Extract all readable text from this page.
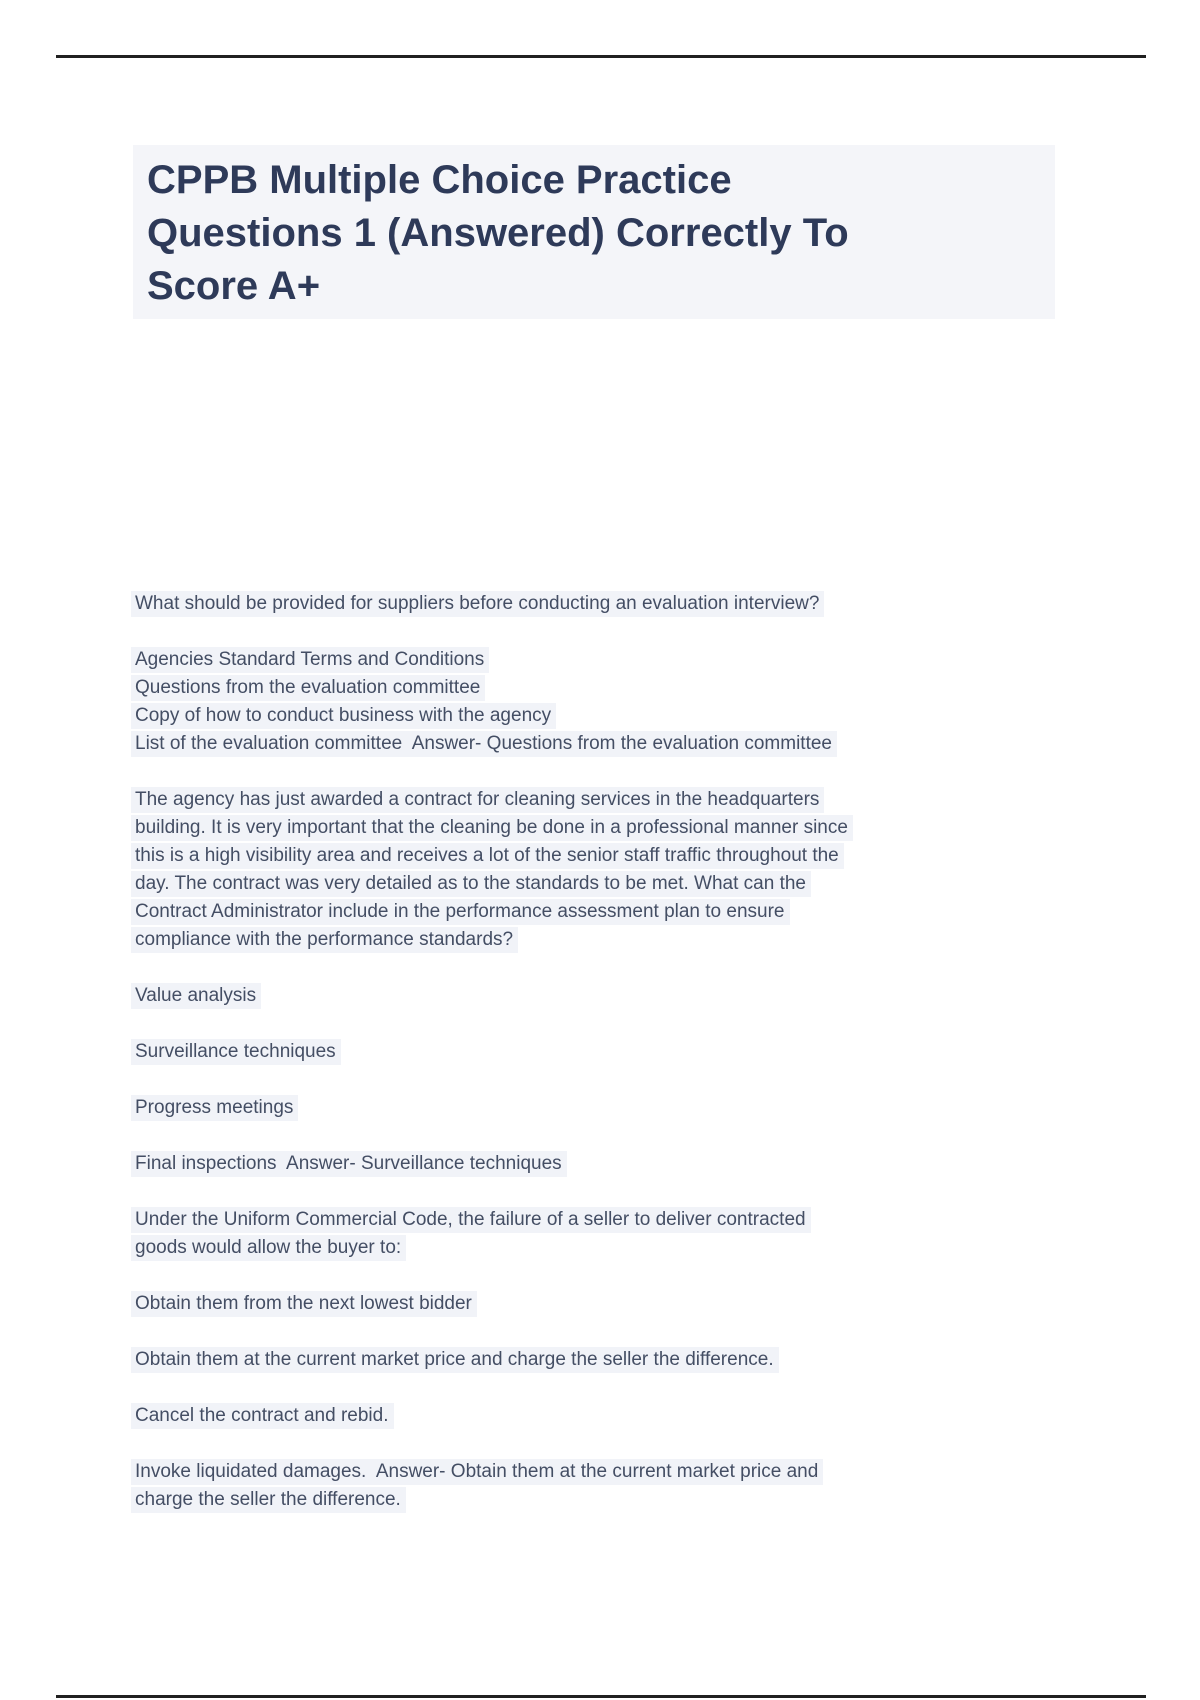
CPPB Multiple Choice Practice
Questions 1 (Answered) Correctly To
Score A+
What should be provided for suppliers before conducting an evaluation interview?
Agencies Standard Terms and Conditions
Questions from the evaluation committee
Copy of how to conduct business with the agency
List of the evaluation committee  Answer- Questions from the evaluation committee
The agency has just awarded a contract for cleaning services in the headquarters
building. It is very important that the cleaning be done in a professional manner since
this is a high visibility area and receives a lot of the senior staff traffic throughout the
day. The contract was very detailed as to the standards to be met. What can the
Contract Administrator include in the performance assessment plan to ensure
compliance with the performance standards?
Value analysis
Surveillance techniques
Progress meetings
Final inspections  Answer- Surveillance techniques
Under the Uniform Commercial Code, the failure of a seller to deliver contracted
goods would allow the buyer to:
Obtain them from the next lowest bidder
Obtain them at the current market price and charge the seller the difference.
Cancel the contract and rebid.
Invoke liquidated damages.  Answer- Obtain them at the current market price and
charge the seller the difference.
